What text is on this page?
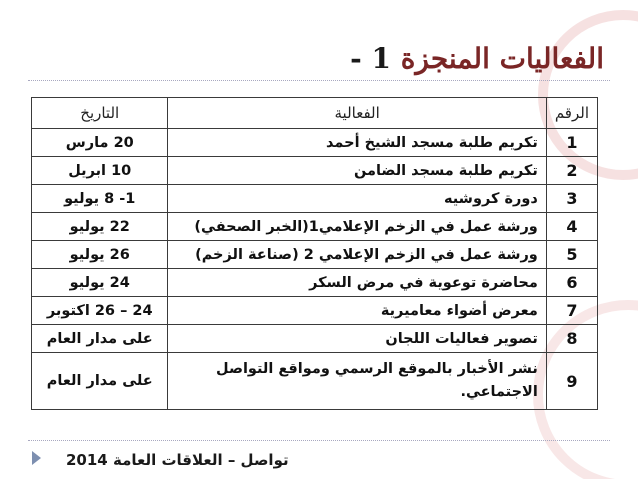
الفعاليات المنجزة 1 -
الرقم	الفعالية	التاريخ
1	تكريم طلبة مسجد الشيخ أحمد	20 مارس
2	تكريم طلبة مسجد الضامن	10 ابريل
3	دورة كروشيه	1- 8 يوليو
4	ورشة عمل في الزخم الإعلامي1(الخبر الصحفي)	22 يوليو
5	ورشة عمل في الزخم الإعلامي 2 (صناعة الزخم)	26 يوليو
6	محاضرة توعوية في مرض السكر	24 يوليو
7	معرض أضواء معاميرية	24 – 26 اكتوبر
8	تصوير فعاليات اللجان	على مدار العام
9	نشر الأخبار بالموقع الرسمي ومواقع التواصل الاجتماعي.	على مدار العام
تواصل – العلاقات العامة 2014
